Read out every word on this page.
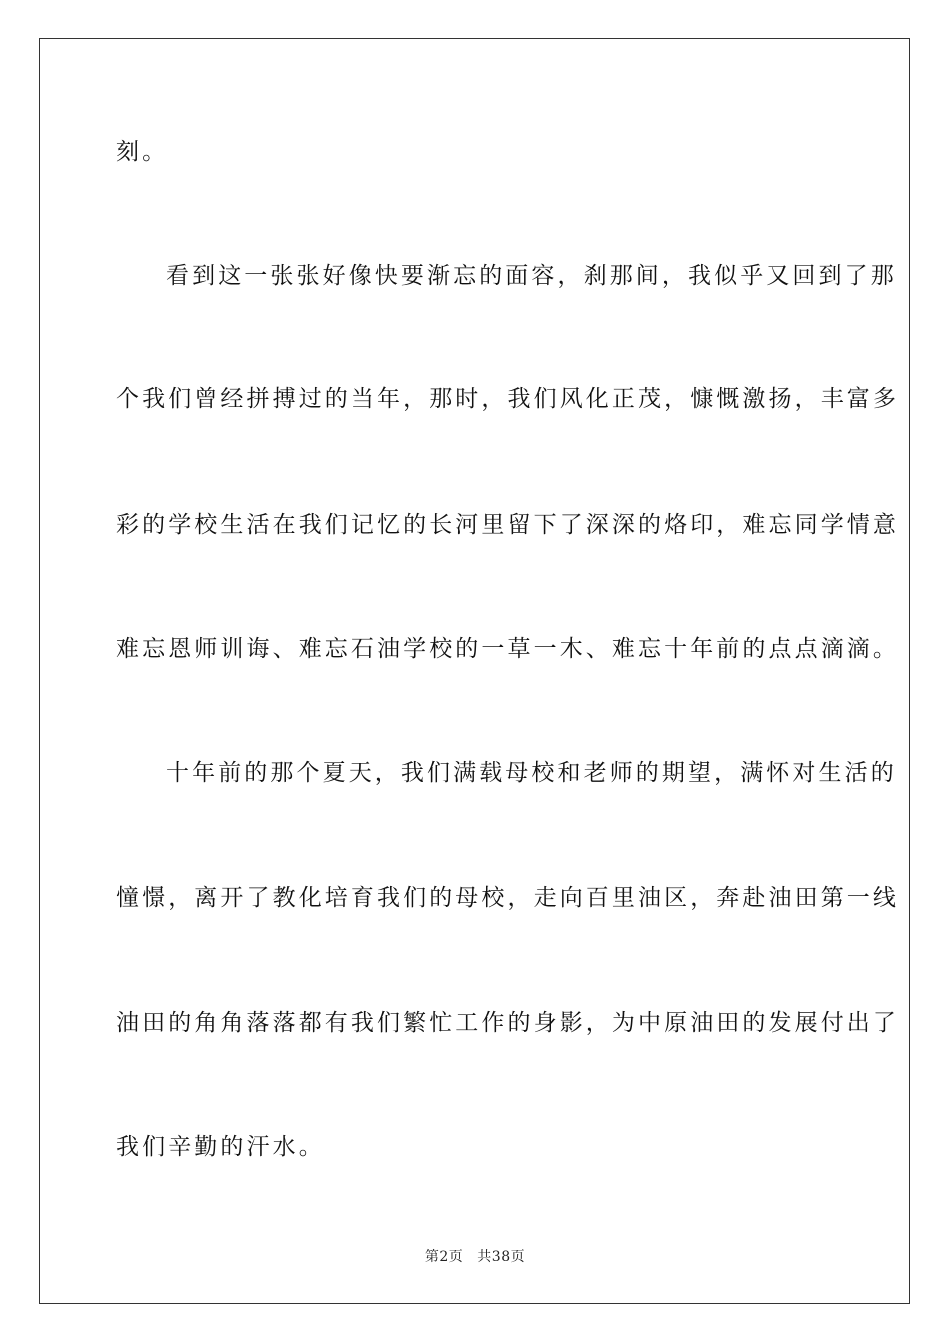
刻。
看到这一张张好像快要渐忘的面容，刹那间，我似乎又回到了那
个我们曾经拼搏过的当年，那时，我们风化正茂，慷慨激扬，丰富多
彩的学校生活在我们记忆的长河里留下了深深的烙印，难忘同学情意
难忘恩师训诲、难忘石油学校的一草一木、难忘十年前的点点滴滴。
十年前的那个夏天，我们满载母校和老师的期望，满怀对生活的
憧憬，离开了教化培育我们的母校，走向百里油区，奔赴油田第一线
油田的角角落落都有我们繁忙工作的身影，为中原油田的发展付出了
我们辛勤的汗水。
第2页 共38页
